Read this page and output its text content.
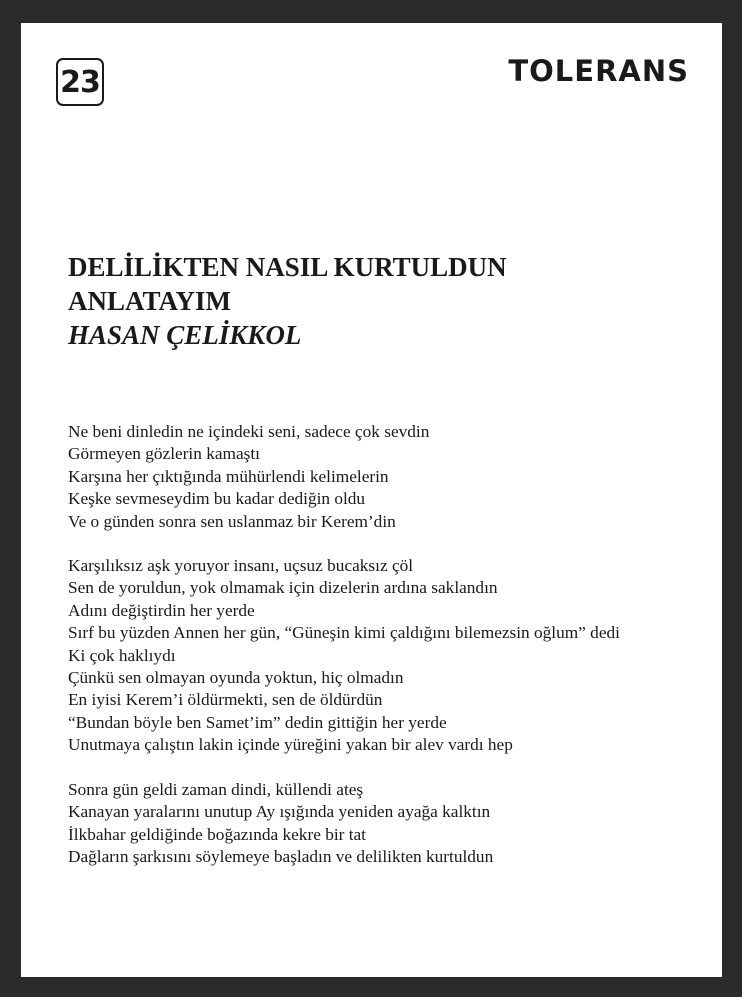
23	TOLERANS
DELİLİKTEN NASIL KURTULDUN
ANLATAYIM
HASAN ÇELİKKOL
Ne beni dinledin ne içindeki seni, sadece çok sevdin
Görmeyen gözlerin kamaştı
Karşına her çıktığında mühürlendi kelimelerin
Keşke sevmeseydim bu kadar dediğin oldu
Ve o günden sonra sen uslanmaz bir Kerem’din
Karşılıksız aşk yoruyor insanı, uçsuz bucaksız çöl
Sen de yoruldun, yok olmamak için dizelerin ardına saklandın
Adını değiştirdin her yerde
Sırf bu yüzden Annen her gün, “Güneşin kimi çaldığını bilemezsin oğlum” dedi
Ki çok haklıydı
Çünkü sen olmayan oyunda yoktun, hiç olmadın
En iyisi Kerem’i öldürmekti, sen de öldürdün
“Bundan böyle ben Samet’im” dedin gittiğin her yerde
Unutmaya çalıştın lakin içinde yüreğini yakan bir alev vardı hep
Sonra gün geldi zaman dindi, küllendi ateş
Kanayan yaralarını unutup Ay ışığında yeniden ayağa kalktın
İlkbahar geldiğinde boğazında kekre bir tat
Dağların şarkısını söylemeye başladın ve delilikten kurtuldun
